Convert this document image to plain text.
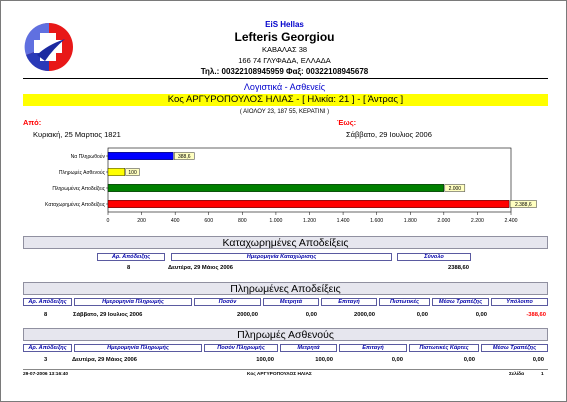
EiS Hellas
Lefteris Georgiou
ΚΑΒΑΛΑΣ 38
166 74 ΓΛΥΦΑΔΑ, ΕΛΛΑΔΑ
Τηλ.: 00322108945959 Φαξ: 00322108945678
Λογιστικά - Ασθενείς
Κος ΑΡΓΥΡΟΠΟΥΛΟΣ ΗΛΙΑΣ - [ Ηλικία: 21 ] - [ Άντρας ]
( ΑΙΟΛΟΥ 23, 187 55, ΚΕΡΑΤΙΝΙ )
Από:	Έως:
Κυριακή, 25 Μαρτιος 1821	Σάββατο, 29 Ιουλιος 2006
0	200	400	600	800	1.000	1.200	1.400	1.600	1.800	2.000	2.200	2.400
Να Πληρωθούν	388,6
Πληρωμές Ασθενούς	100
Πληρωμένες Αποδείξεις	2.000
Καταχωρημένες Αποδείξεις	2.388,6
Καταχωρημένες Αποδείξεις
Αρ. Απόδειξης	Ημερομηνία Καταχώρισης	Σύνολο
8	Δευτέρα, 29 Μάιος 2006	2388,60
Πληρωμένες Αποδείξεις
Αρ. Απόδειξης	Ημερομηνία Πληρωμής	Ποσόν	Μετρητά	Επιταγή	Πιστωτικές	Μέσω Τραπέζης	Υπόλοιπο
8	Σάββατο, 29 Ιουλιος 2006	2000,00	0,00	2000,00	0,00	0,00	-388,60
Πληρωμές Ασθενούς
Αρ. Απόδειξης	Ημερομηνία Πληρωμής	Ποσόν Πληρωμής	Μετρητά	Επιταγή	Πιστωτικές Κάρτες	Μέσω Τραπέζης
3	Δευτέρα, 29 Μάιος 2006	100,00	100,00	0,00	0,00	0,00
29-07-2006 13:16:40	Κος ΑΡΓΥΡΟΠΟΥΛΟΣ ΗΛΙΑΣ	Σελίδα	1
